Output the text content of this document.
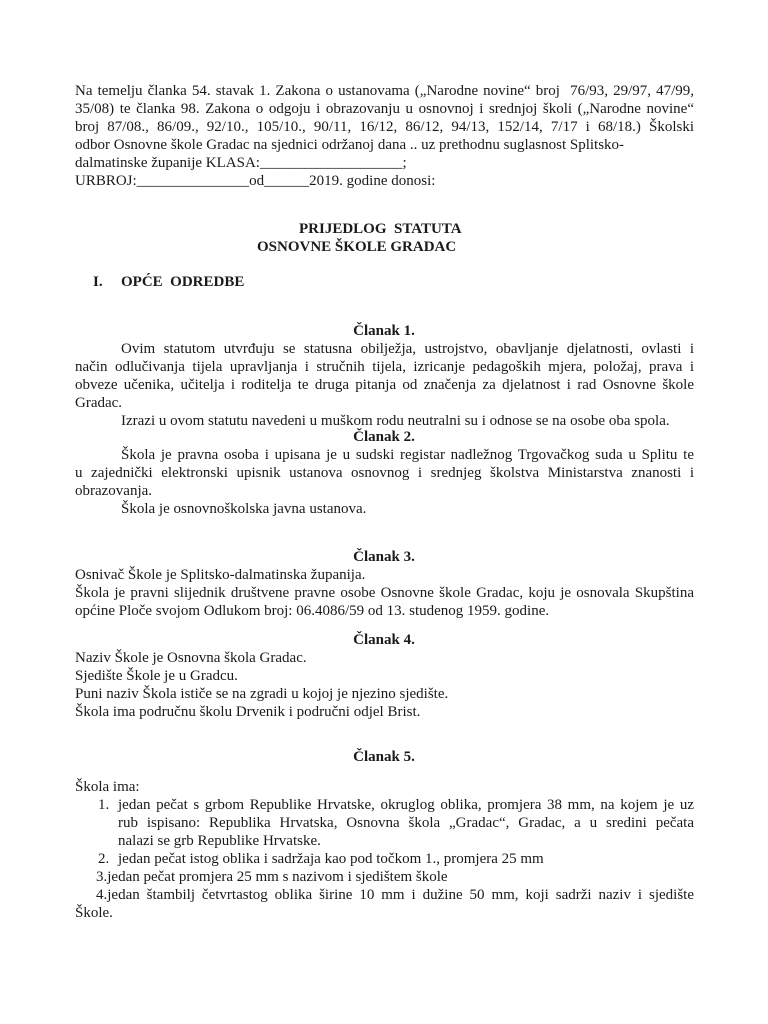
Na temelju članka 54. stavak 1. Zakona o ustanovama („Narodne novine“ broj  76/93, 29/97, 47/99,

35/08) te članka 98. Zakona o odgoju i obrazovanju u osnovnoj i srednjoj školi („Narodne novine“

broj 87/08., 86/09., 92/10., 105/10., 90/11, 16/12, 86/12, 94/13, 152/14, 7/17 i 68/18.) Školski

odbor Osnovne škole Gradac na sjednici održanoj dana .. uz prethodnu suglasnost Splitsko-

dalmatinske županije KLASA:___________________;

URBROJ:_______________od______2019. godine donosi:

PRIJEDLOG  STATUTA

OSNOVNE ŠKOLE GRADAC

I. OPĆE  ODREDBE

Članak 1.

Ovim statutom utvrđuju se statusna obilježja, ustrojstvo, obavljanje djelatnosti, ovlasti i

način odlučivanja tijela upravljanja i stručnih tijela, izricanje pedagoških mjera, položaj, prava i

obveze učenika, učitelja i roditelja te druga pitanja od značenja za djelatnost i rad Osnovne škole

Gradac.

Izrazi u ovom statutu navedeni u muškom rodu neutralni su i odnose se na osobe oba spola.

Članak 2.

Škola je pravna osoba i upisana je u sudski registar nadležnog Trgovačkog suda u Splitu te

u zajednički elektronski upisnik ustanova osnovnog i srednjeg školstva Ministarstva znanosti i

obrazovanja.

Škola je osnovnoškolska javna ustanova.

Članak 3.

Osnivač Škole je Splitsko-dalmatinska županija.

Škola je pravni slijednik društvene pravne osobe Osnovne škole Gradac, koju je osnovala Skupština

općine Ploče svojom Odlukom broj: 06.4086/59 od 13. studenog 1959. godine.

Članak 4.

Naziv Škole je Osnovna škola Gradac.

Sjedište Škole je u Gradcu.

Puni naziv Škola ističe se na zgradi u kojoj je njezino sjedište.

Škola ima područnu školu Drvenik i područni odjel Brist.

Članak 5.

Škola ima:

1. jedan pečat s grbom Republike Hrvatske, okruglog oblika, promjera 38 mm, na kojem je uz

rub ispisano: Republika Hrvatska, Osnovna škola „Gradac“, Gradac, a u sredini pečata

nalazi se grb Republike Hrvatske.

2. jedan pečat istog oblika i sadržaja kao pod točkom 1., promjera 25 mm

3.jedan pečat promjera 25 mm s nazivom i sjedištem škole

4.jedan štambilj četvrtastog oblika širine 10 mm i dužine 50 mm, koji sadrži naziv i sjedište

Škole.
